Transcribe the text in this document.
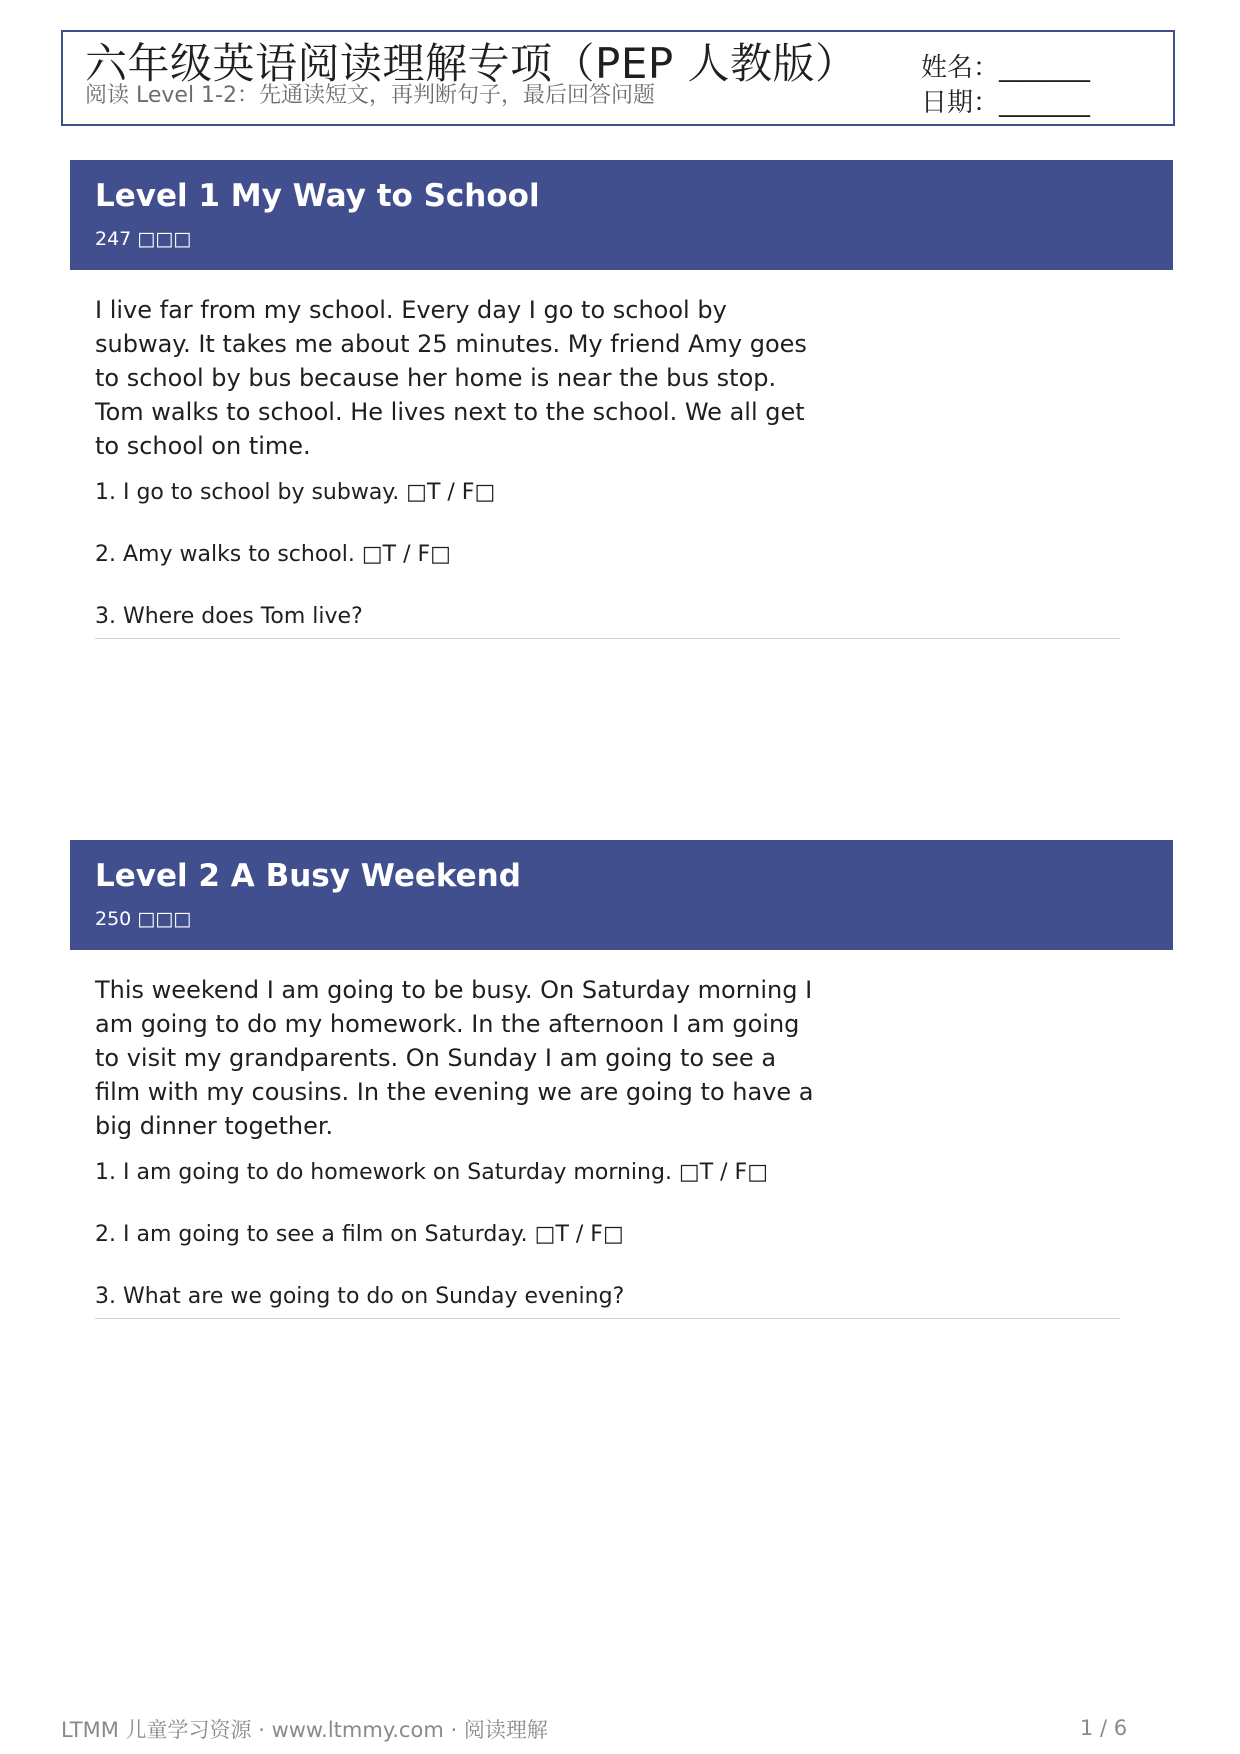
六年级英语阅读理解专项（PEP 人教版）
阅读 Level 1-2：先通读短文，再判断句子，最后回答问题
姓名：_______
日期：_______
Level 1 My Way to School
247 □□□
I live far from my school. Every day I go to school by subway. It takes me about 25 minutes. My friend Amy goes to school by bus because her home is near the bus stop. Tom walks to school. He lives next to the school. We all get to school on time.
1. I go to school by subway. □T / F□
2. Amy walks to school. □T / F□
3. Where does Tom live?
Level 2 A Busy Weekend
250 □□□
This weekend I am going to be busy. On Saturday morning I am going to do my homework. In the afternoon I am going to visit my grandparents. On Sunday I am going to see a film with my cousins. In the evening we are going to have a big dinner together.
1. I am going to do homework on Saturday morning. □T / F□
2. I am going to see a film on Saturday. □T / F□
3. What are we going to do on Sunday evening?
LTMM 儿童学习资源 · www.ltmmy.com · 阅读理解	1 / 6
